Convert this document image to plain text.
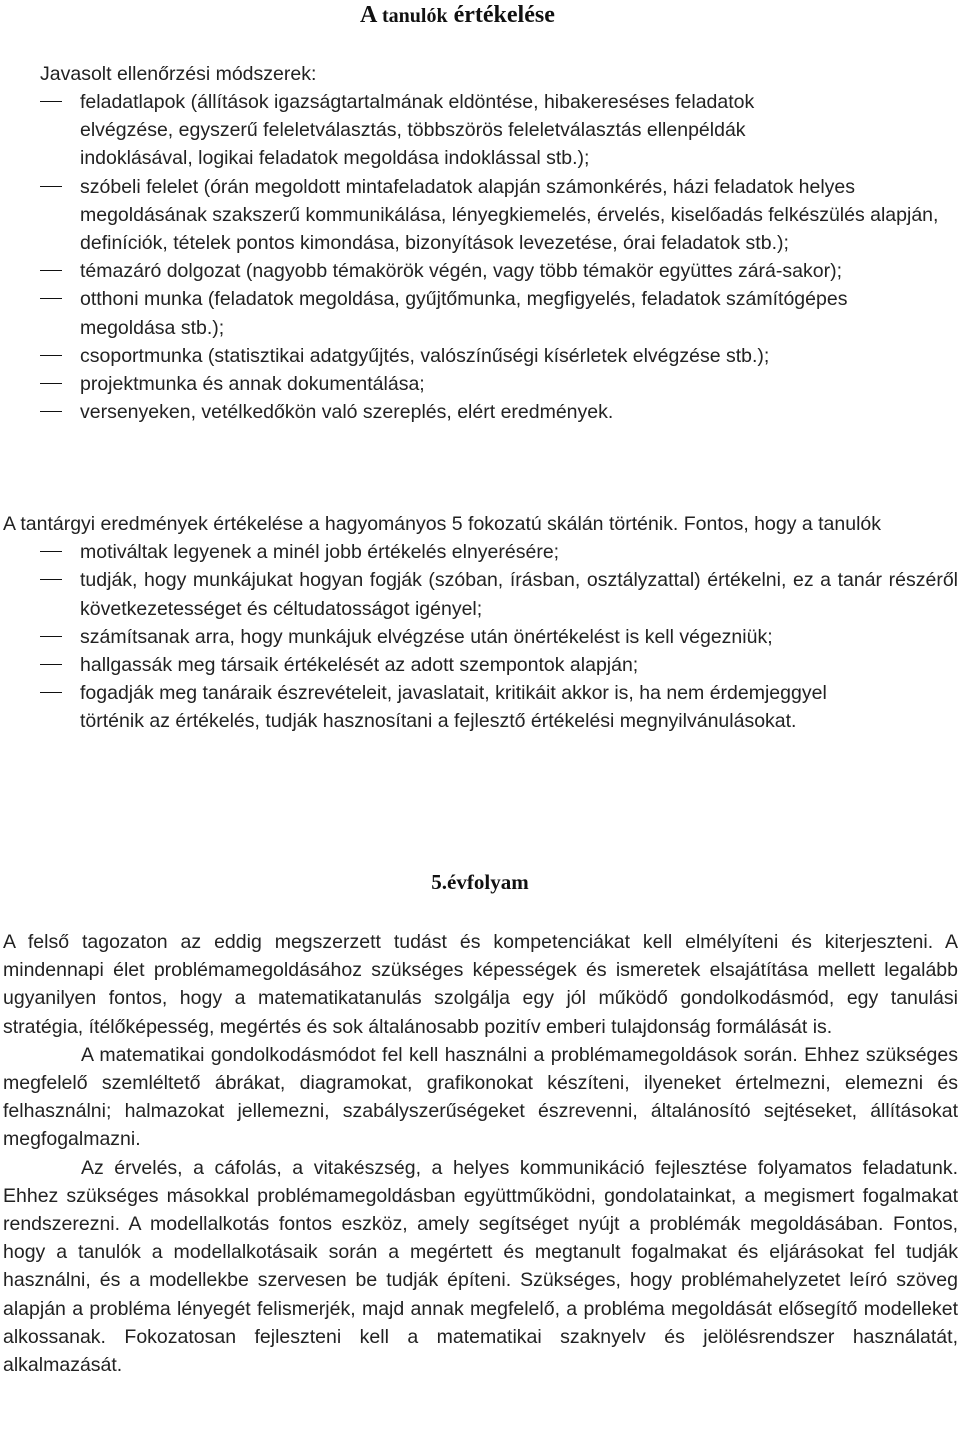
A tanulók értékelése

Javasolt ellenőrzési módszerek:

feladatlapok (állítások igazságtartalmának eldöntése, hibakereséses feladatok elvégzése, egyszerű feleletválasztás, többszörös feleletválasztás ellenpéldák indoklásával, logikai feladatok megoldása indoklással stb.);
szóbeli felelet (órán megoldott mintafeladatok alapján számonkérés, házi feladatok helyes megoldásának szakszerű kommunikálása, lényegkiemelés, érvelés, kiselőadás felkészülés alapján, definíciók, tételek pontos kimondása, bizonyítások levezetése, órai feladatok stb.);
témazáró dolgozat (nagyobb témakörök végén, vagy több témakör együttes zárá-sakor);
otthoni munka (feladatok megoldása, gyűjtőmunka, megfigyelés, feladatok számítógépes megoldása stb.);
csoportmunka (statisztikai adatgyűjtés, valószínűségi kísérletek elvégzése stb.);
projektmunka és annak dokumentálása;
versenyeken, vetélkedőkön való szereplés, elért eredmények.

A tantárgyi eredmények értékelése a hagyományos 5 fokozatú skálán történik. Fontos, hogy a tanulók

motiváltak legyenek a minél jobb értékelés elnyerésére;
tudják, hogy munkájukat hogyan fogják (szóban, írásban, osztályzattal) értékelni, ez a tanár részéről következetességet és céltudatosságot igényel;
számítsanak arra, hogy munkájuk elvégzése után önértékelést is kell végezniük;
hallgassák meg társaik értékelését az adott szempontok alapján;
fogadják meg tanáraik észrevételeit, javaslatait, kritikáit akkor is, ha nem érdemjeggyel történik az értékelés, tudják hasznosítani a fejlesztő értékelési megnyilvánulásokat.
5.évfolyam

A felső tagozaton az eddig megszerzett tudást és kompetenciákat kell elmélyíteni és kiterjeszteni. A mindennapi élet problémamegoldásához szükséges képességek és ismeretek elsajátítása mellett legalább ugyanilyen fontos, hogy a matematikatanulás szolgálja egy jól működő gondolkodásmód, egy tanulási stratégia, ítélőképesség, megértés és sok általánosabb pozitív emberi tulajdonság formálását is.

A matematikai gondolkodásmódot fel kell használni a problémamegoldások során. Ehhez szükséges megfelelő szemléltető ábrákat, diagramokat, grafikonokat készíteni, ilyeneket értelmezni, elemezni és felhasználni; halmazokat jellemezni, szabályszerűségeket észrevenni, általánosító sejtéseket, állításokat megfogalmazni.

Az érvelés, a cáfolás, a vitakészség, a helyes kommunikáció fejlesztése folyamatos feladatunk. Ehhez szükséges másokkal problémamegoldásban együttműködni, gondolatainkat, a megismert fogalmakat rendszerezni. A modellalkotás fontos eszköz, amely segítséget nyújt a problémák megoldásában. Fontos, hogy a tanulók a modellalkotásaik során a megértett és megtanult fogalmakat és eljárásokat fel tudják használni, és a modellekbe szervesen be tudják építeni. Szükséges, hogy problémahelyzetet leíró szöveg alapján a probléma lényegét felismerjék, majd annak megfelelő, a probléma megoldását elősegítő modelleket alkossanak. Fokozatosan fejleszteni kell a matematikai szaknyelv és jelölésrendszer használatát, alkalmazását.
